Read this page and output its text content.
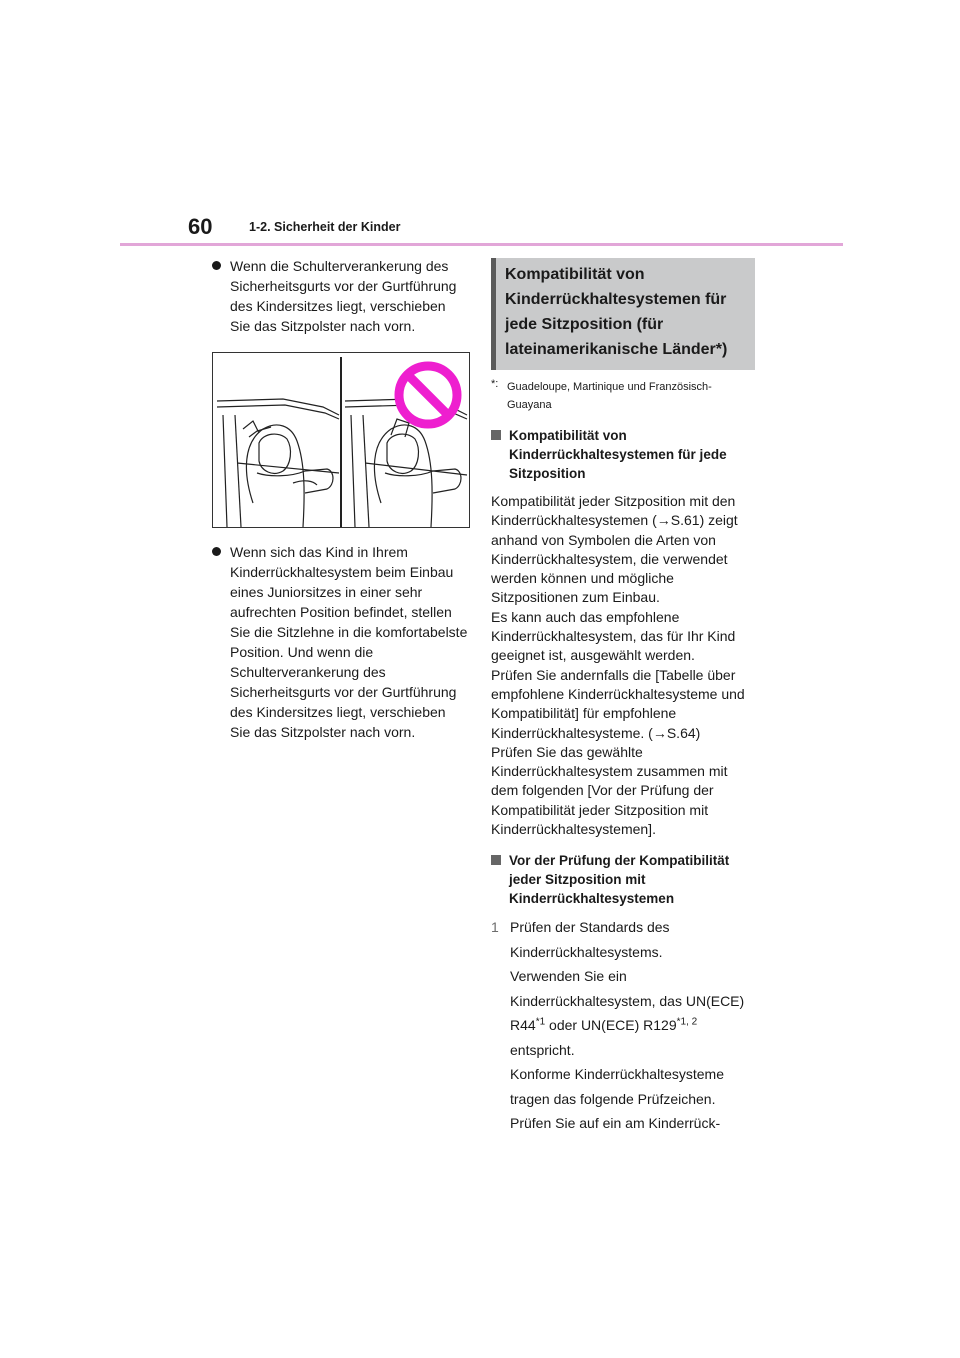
60	1-2. Sicherheit der Kinder
Wenn die Schulterverankerung des Sicherheitsgurts vor der Gurtführung des Kindersitzes liegt, verschieben Sie das Sitzpolster nach vorn.
Wenn sich das Kind in Ihrem Kinderrückhaltesystem beim Einbau eines Juniorsitzes in einer sehr aufrechten Position befindet, stellen Sie die Sitzlehne in die komfortabelste Position. Und wenn die Schulterverankerung des Sicherheitsgurts vor der Gurtführung des Kindersitzes liegt, verschieben Sie das Sitzpolster nach vorn.
Kompatibilität von Kinderrückhaltesystemen für jede Sitzposition (für lateinamerikanische Länder*)
*: Guadeloupe, Martinique und Französisch-Guayana
Kompatibilität von Kinderrückhaltesystemen für jede Sitzposition
Kompatibilität jeder Sitzposition mit den Kinderrückhaltesystemen (→S.61) zeigt anhand von Symbolen die Arten von Kinderrückhaltesystem, die verwendet werden können und mögliche Sitzpositionen zum Einbau.
Es kann auch das empfohlene Kinderrückhaltesystem, das für Ihr Kind geeignet ist, ausgewählt werden.
Prüfen Sie andernfalls die [Tabelle über empfohlene Kinderrückhaltesysteme und Kompatibilität] für empfohlene Kinderrückhaltesysteme. (→S.64)
Prüfen Sie das gewählte Kinderrückhaltesystem zusammen mit dem folgenden [Vor der Prüfung der Kompatibilität jeder Sitzposition mit Kinderrückhaltesystemen].
Vor der Prüfung der Kompatibilität jeder Sitzposition mit Kinderrückhaltesystemen
1 Prüfen der Standards des Kinderrückhaltesystems.
Verwenden Sie ein Kinderrückhaltesystem, das UN(ECE) R44$^{*1}$ oder UN(ECE) R129$^{*1, 2}$ entspricht.
Konforme Kinderrückhaltesysteme tragen das folgende Prüfzeichen.
Prüfen Sie auf ein am Kinderrück-
